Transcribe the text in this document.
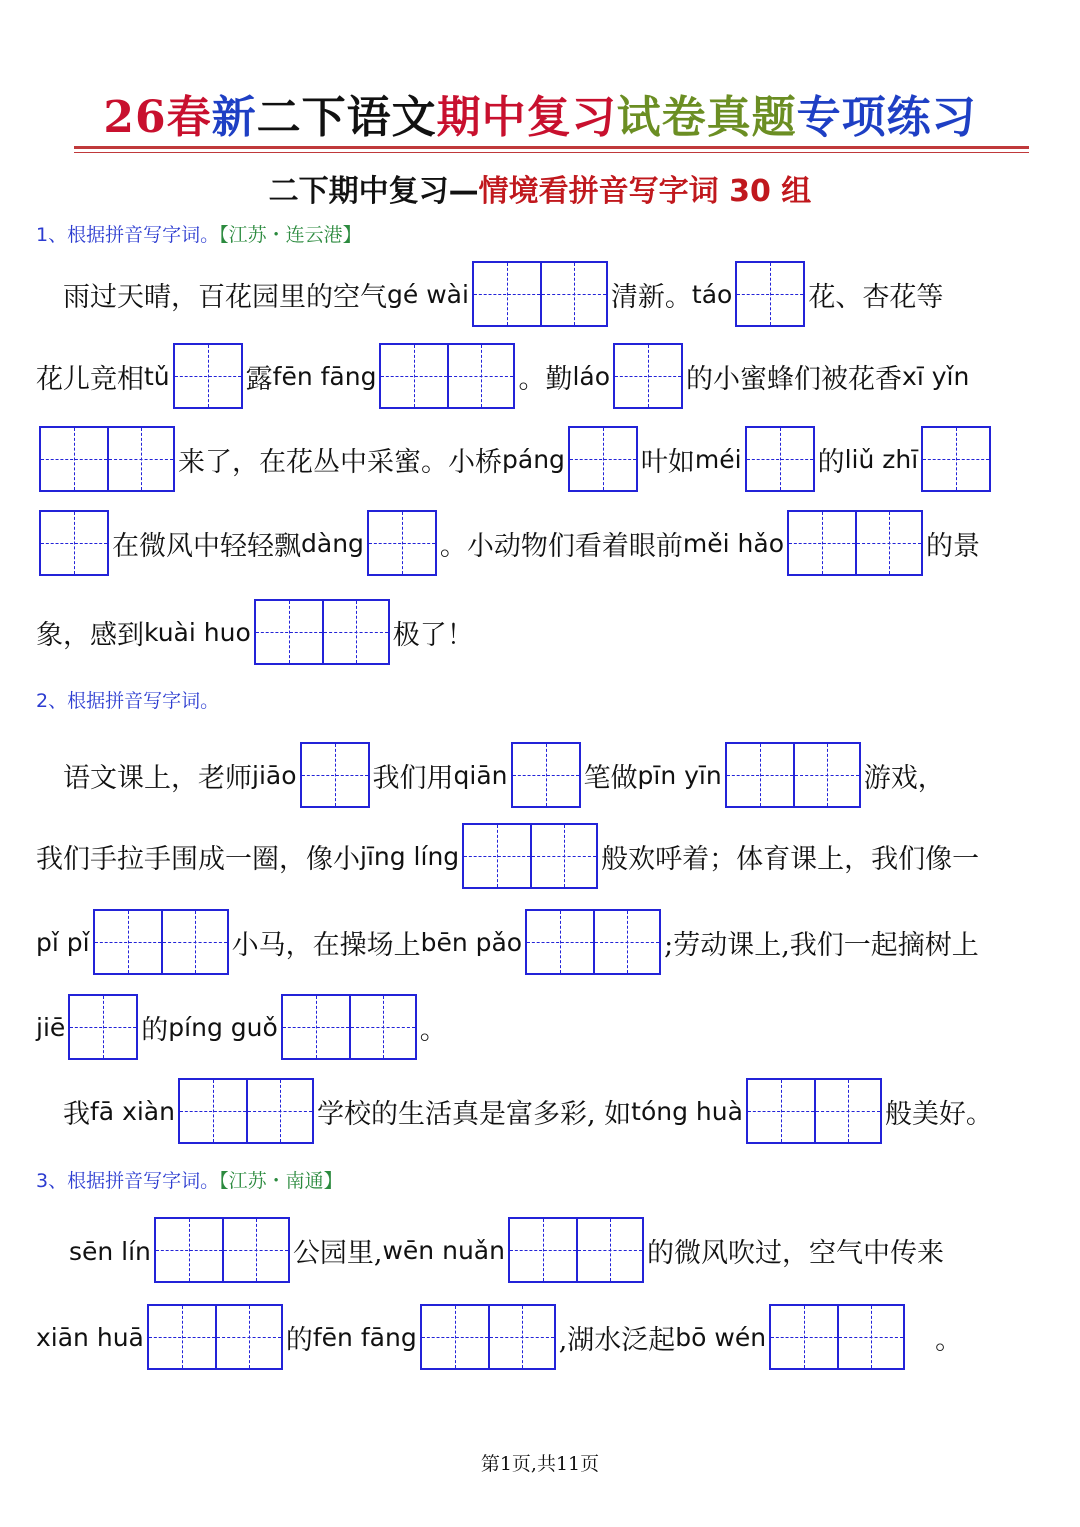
26春新二下语文期中复习试卷真题专项练习
二下期中复习—情境看拼音写字词 30 组
1、根据拼音写字词。【江苏・连云港】
2、根据拼音写字词。
3、根据拼音写字词。【江苏・南通】
　雨过天晴，百花园里的空气 gé wài	清新。 táo	花、杏花等
花儿竞相 tǔ	露 fēn fāng	。勤 láo	的小蜜蜂们被花香 xī yǐn
来了，在花丛中采蜜。小桥 páng	叶如 méi	的 liǔ zhī
在微风中轻轻飘 dàng	。小动物们看着眼前 měi hǎo	的景
象，感到 kuài huo	极了！
　语文课上，老师 jiāo	我们用 qiān	笔做 pīn yīn	游戏，
我们手拉手围成一圈，像小 jīng líng	般欢呼着；体育课上，我们像一
pǐ pǐ	小马，在操场上 bēn pǎo	;劳动课上,我们一起摘树上
jiē	的 píng guǒ	。
　我 fā xiàn	学校的生活真是富多彩, 如 tóng huà	般美好。
　 sēn lín	公园里, wēn nuǎn	的微风吹过，空气中传来
xiān huā	的 fēn fāng	,湖水泛起 bō wén	　。
第1页,共11页
